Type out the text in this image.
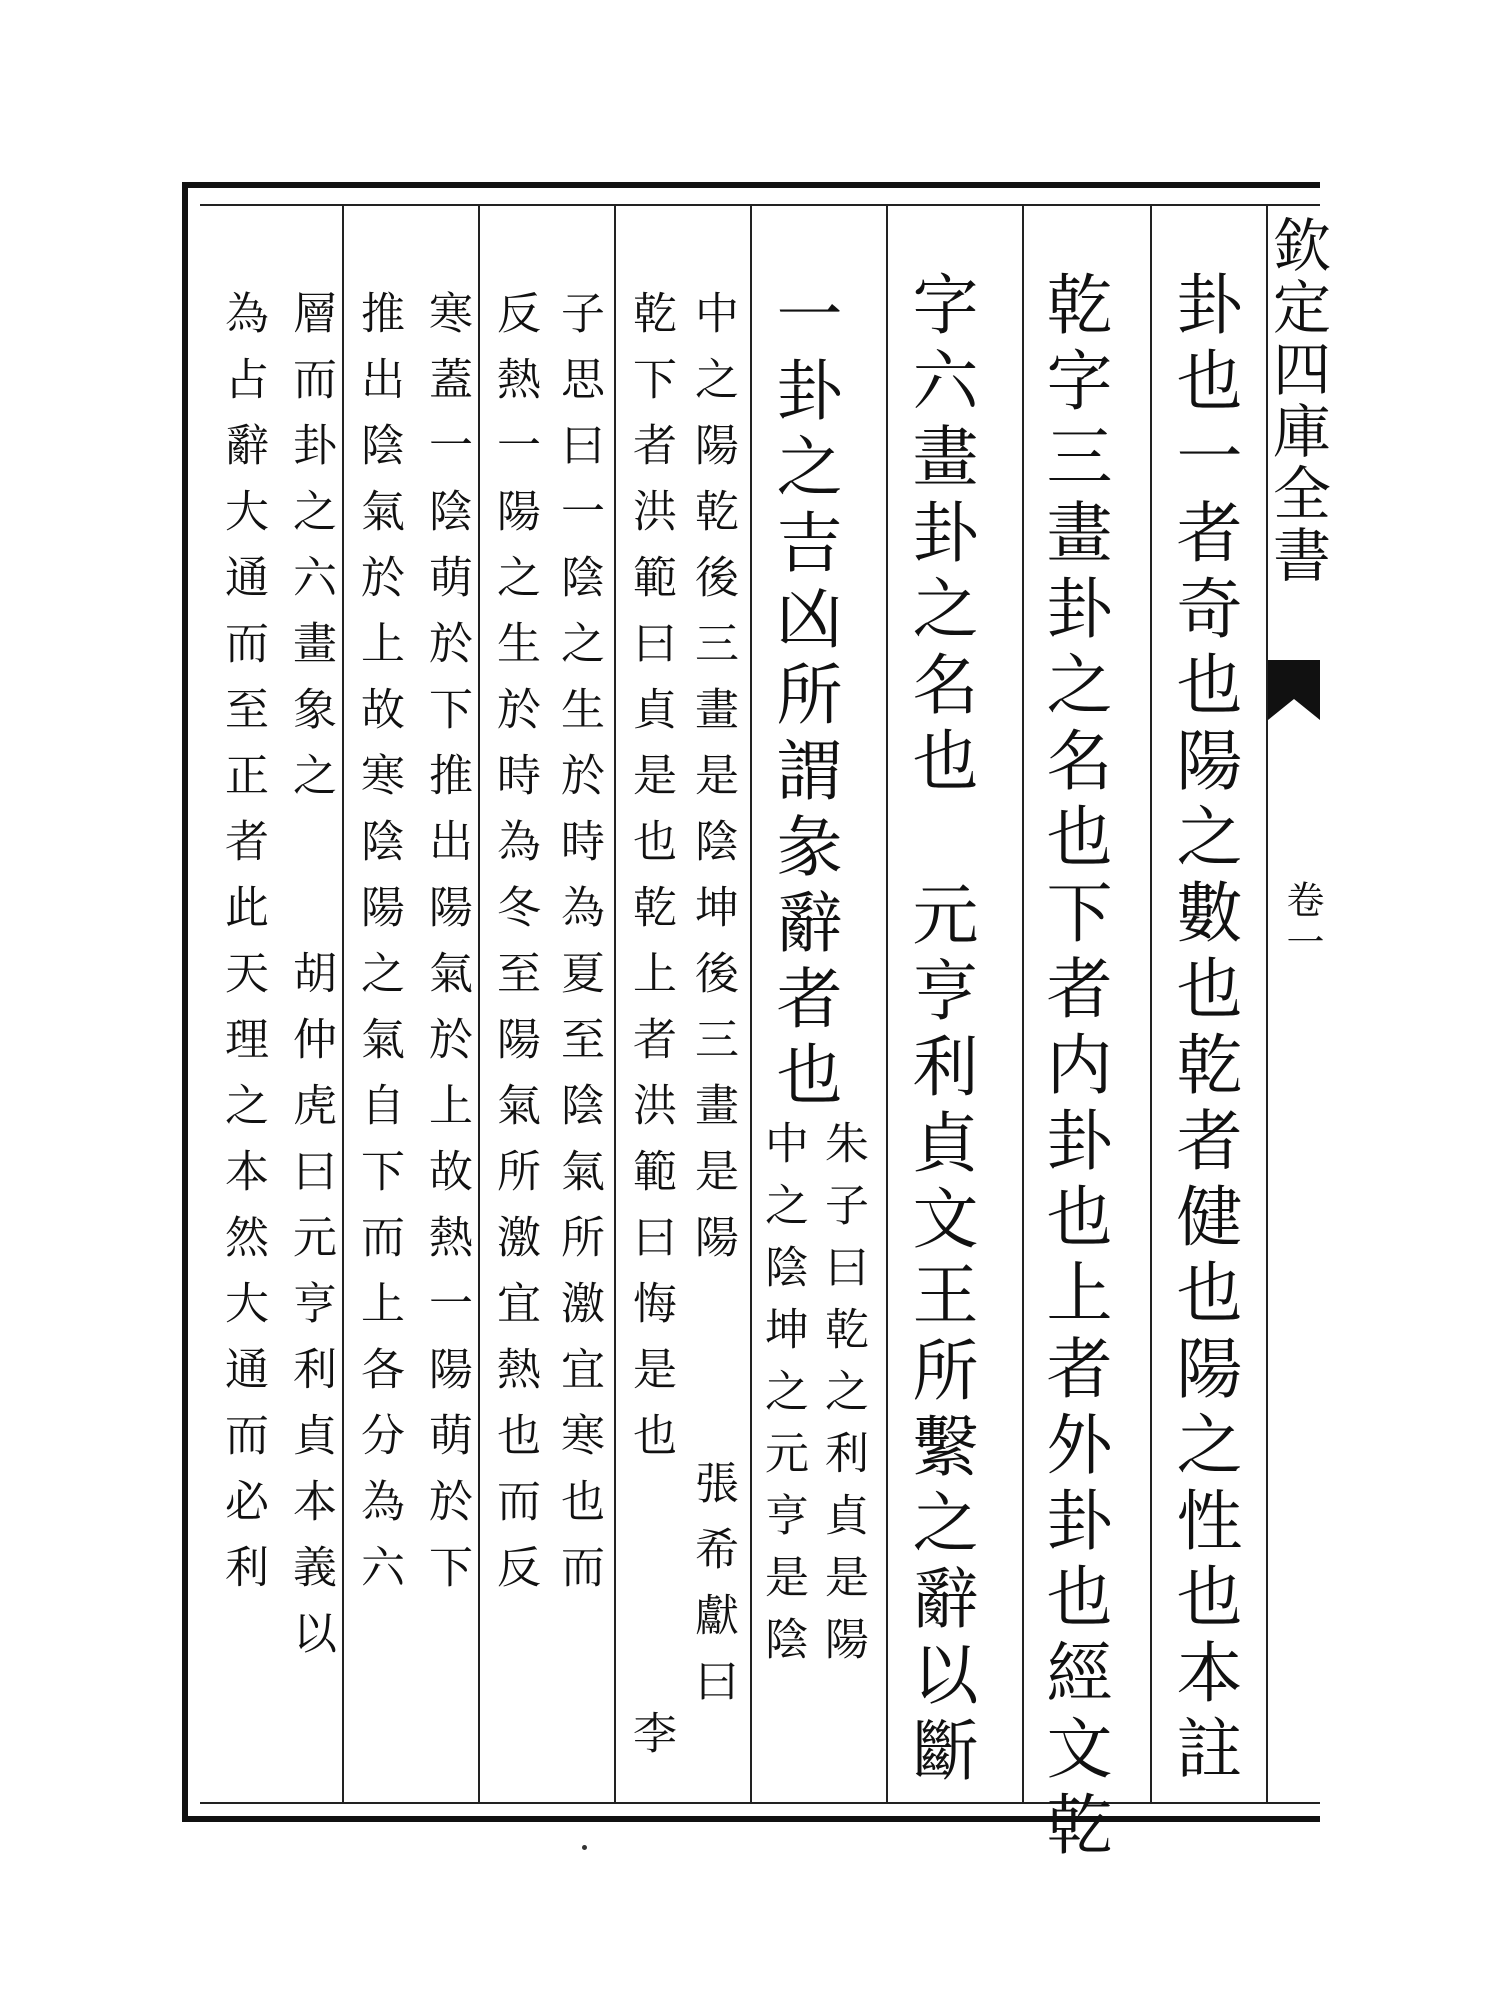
欽定四庫全書
卷一
卦也一者奇也陽之數也乾者健也陽之性也本註
乾字三畫卦之名也下者内卦也上者外卦也經文乾
字六畫卦之名也
元亨利貞文王所繫之辭以斷
一卦之吉凶所謂彖辭者也
朱子曰乾之利貞是陽
中之陰坤之元亨是陰
中之陽乾後三畫是陰坤後三畫是陽
張希獻曰
乾下者洪範曰貞是也乾上者洪範曰悔是也
李
子思曰一陰之生於時為夏至陰氣所激宜寒也而
反熱一陽之生於時為冬至陽氣所激宜熱也而反
寒蓋一陰萌於下推出陽氣於上故熱一陽萌於下
推出陰氣於上故寒陰陽之氣自下而上各分為六
層而卦之六畫象之
胡仲虎曰元亨利貞本義以
為占辭大通而至正者此天理之本然大通而必利
